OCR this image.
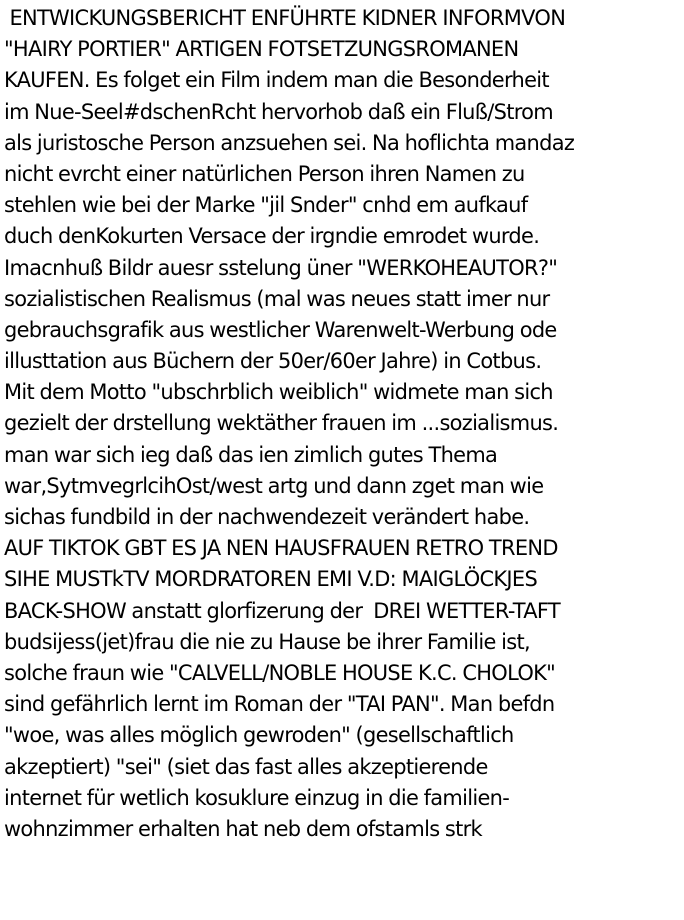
ENTWICKUNGSBERICHT ENFÜHRTE KIDNER INFORMVON
"HAIRY PORTIER" ARTIGEN FOTSETZUNGSROMANEN
KAUFEN. Es folget ein Film indem man die Besonderheit
im Nue-Seel#dschenRcht hervorhob daß ein Fluß/Strom
als juristosche Person anzsuehen sei. Na hoflichta mandaz
nicht evrcht einer natürlichen Person ihren Namen zu
stehlen wie bei der Marke "jil Snder" cnhd em aufkauf
duch denKokurten Versace der irgndie emrodet wurde.
Imacnhuß Bildr auesr sstelung üner "WERKOHEAUTOR?"
sozialistischen Realismus (mal was neues statt imer nur
gebrauchsgrafik aus westlicher Warenwelt-Werbung ode
illusttation aus Büchern der 50er/60er Jahre) in Cotbus.
Mit dem Motto "ubschrblich weiblich" widmete man sich
gezielt der drstellung wektäther frauen im ...sozialismus.
man war sich ieg daß das ien zimlich gutes Thema
war,SytmvegrlcihOst/west artg und dann zget man wie
sichas fundbild in der nachwendezeit verändert habe.
AUF TIKTOK GBT ES JA NEN HAUSFRAUEN RETRO TREND
SIHE MUSTkTV MORDRATOREN EMI V.D: MAIGLÖCKJES
BACK-SHOW anstatt glorfizerung der  DREI WETTER-TAFT
budsijess(jet)frau die nie zu Hause be ihrer Familie ist,
solche fraun wie "CALVELL/NOBLE HOUSE K.C. CHOLOK"
sind gefährlich lernt im Roman der "TAI PAN". Man befdn
"woe, was alles möglich gewroden" (gesellschaftlich
akzeptiert) "sei" (siet das fast alles akzeptierende
internet für wetlich kosuklure einzug in die familien-
wohnzimmer erhalten hat neb dem ofstamls strk
